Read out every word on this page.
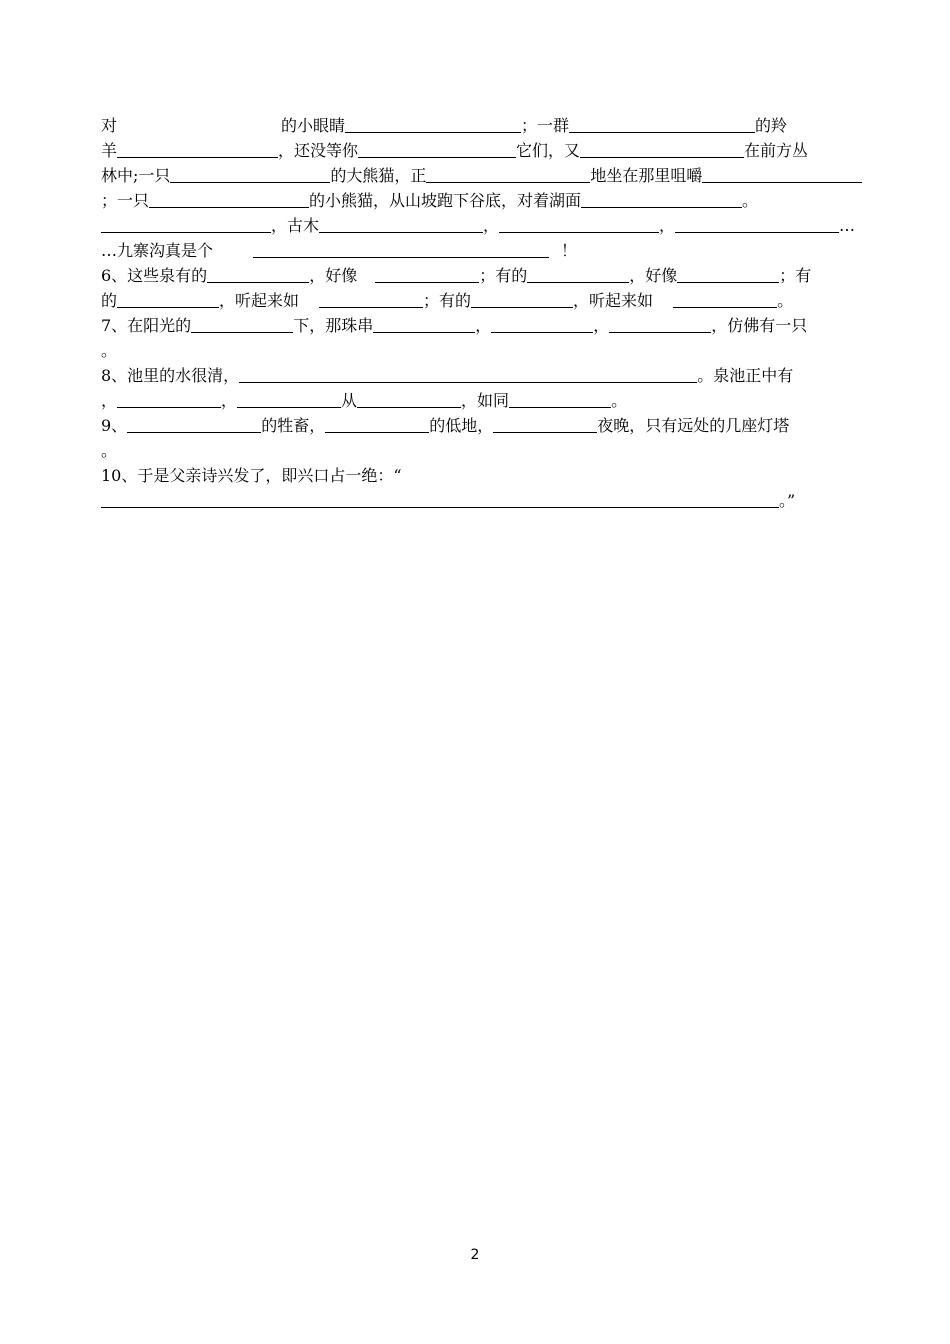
对	的小眼睛	；一群	的羚
羊	，还没等你	它们，又	在前方丛
林中;一只	的大熊猫，正	地坐在那里咀嚼
；一只	的小熊猫，从山坡跑下谷底，对着湖面	。
，古木	，	，	…
…九寨沟真是个	！
6、这些泉有的	，好像	；有的	，好像	；有
的	，听起来如	；有的	，听起来如	。
7、在阳光的	下，那珠串	，	，	，仿佛有一只
。
8、池里的水很清，	。泉池正中有
，	，	从	，如同	。
9、	的牲畜，	的低地，	夜晚，只有远处的几座灯塔
。
10、于是父亲诗兴发了，即兴口占一绝：“
。”
2
